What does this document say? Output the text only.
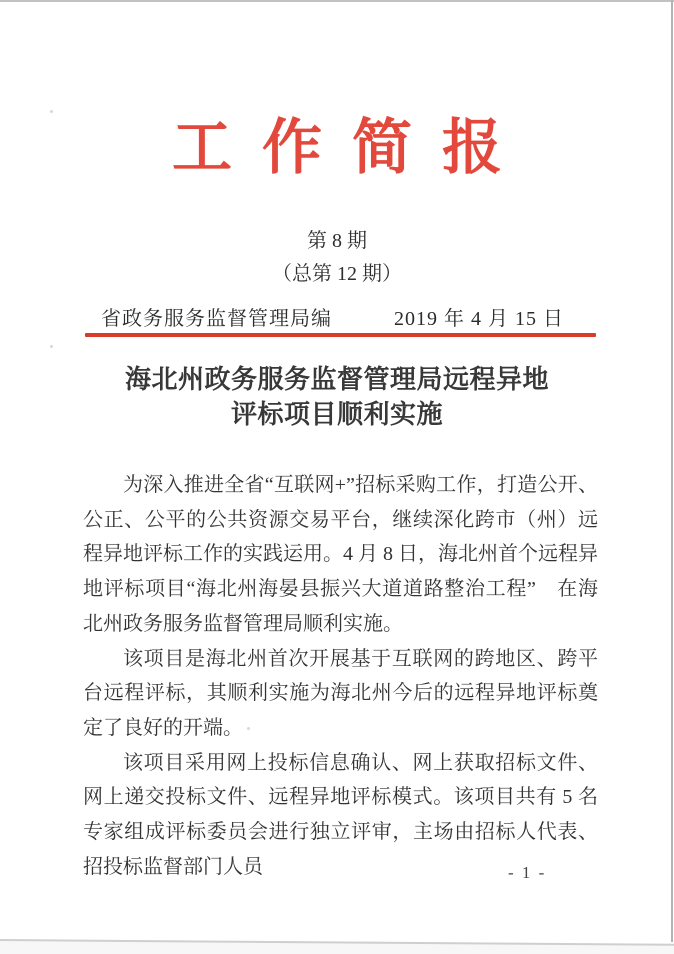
工作简报
第 8 期
（总第 12 期）
省政务服务监督管理局编	2019 年 4 月 15 日
海北州政务服务监督管理局远程异地
评标项目顺利实施

为深入推进全省“互联网+”招标采购工作，打造公开、公正、公平的公共资源交易平台，继续深化跨市（州）远程异地评标工作的实践运用。4 月 8 日，海北州首个远程异地评标项目“海北州海晏县振兴大道道路整治工程”　在海北州政务服务监督管理局顺利实施。

该项目是海北州首次开展基于互联网的跨地区、跨平台远程评标，其顺利实施为海北州今后的远程异地评标奠定了良好的开端。

该项目采用网上投标信息确认、网上获取招标文件、网上递交投标文件、远程异地评标模式。该项目共有 5 名专家组成评标委员会进行独立评审，主场由招标人代表、招投标监督部门人员	- 1 -
